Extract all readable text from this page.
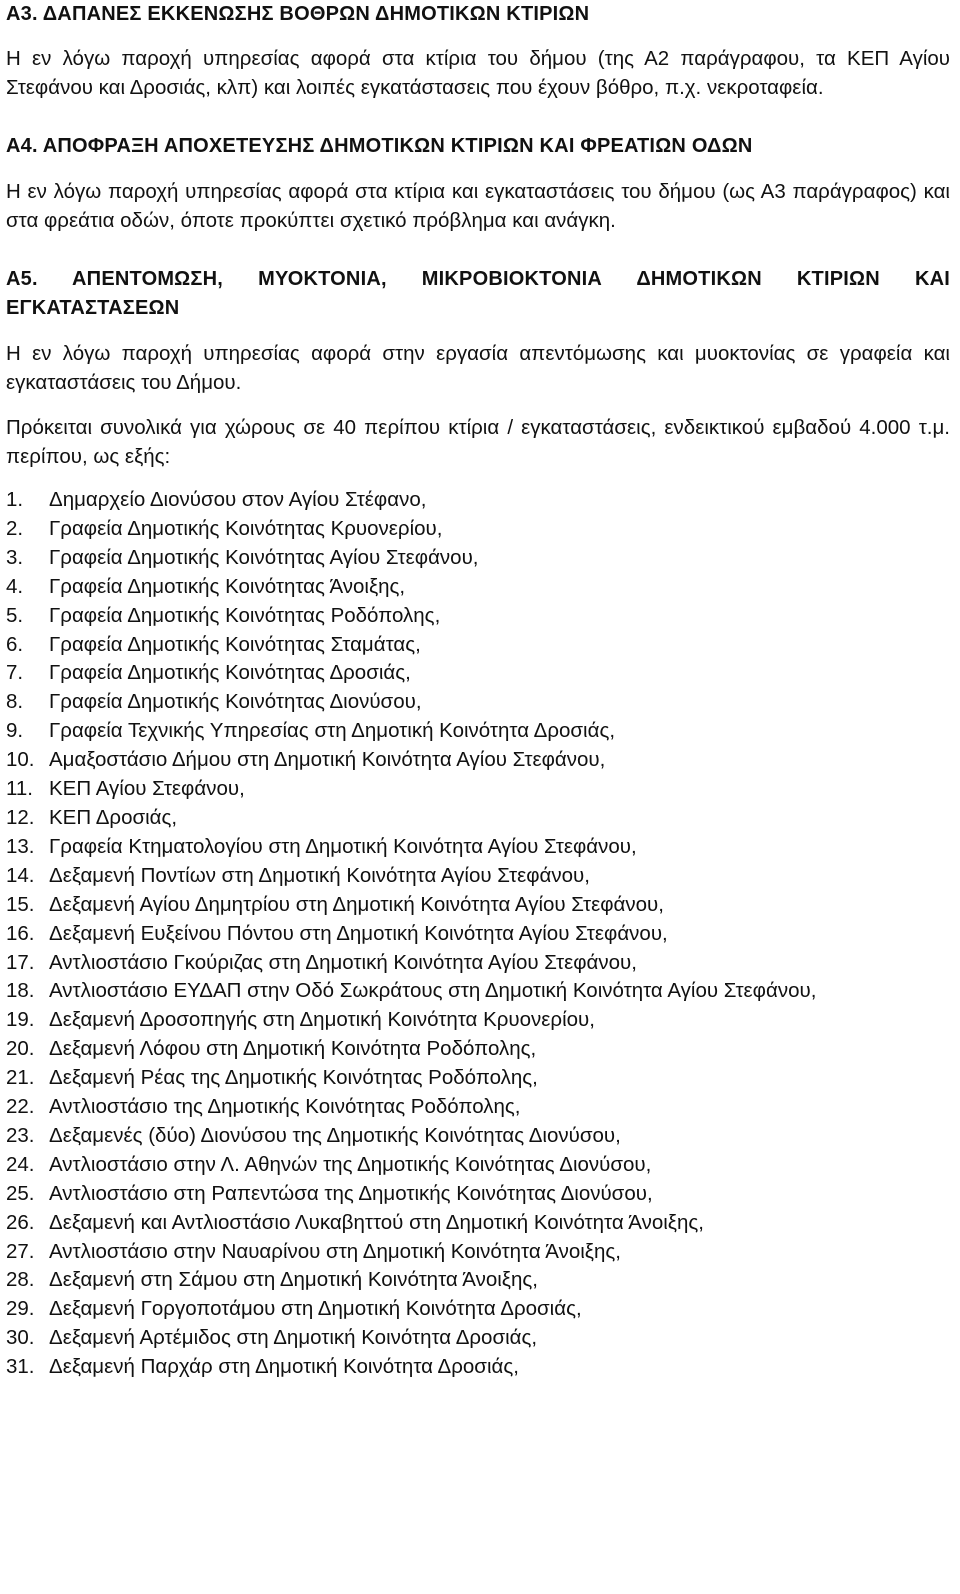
Α3. ΔΑΠΑΝΕΣ ΕΚΚΕΝΩΣΗΣ ΒΟΘΡΩΝ ΔΗΜΟΤΙΚΩΝ ΚΤΙΡΙΩΝ

Η εν λόγω παροχή υπηρεσίας αφορά στα κτίρια του δήμου (της Α2 παράγραφου, τα ΚΕΠ Αγίου Στεφάνου και Δροσιάς, κλπ) και λοιπές εγκατάστασεις που έχουν βόθρο, π.χ. νεκροταφεία.

Α4. ΑΠΟΦΡΑΞΗ ΑΠΟΧΕΤΕΥΣΗΣ ΔΗΜΟΤΙΚΩΝ ΚΤΙΡΙΩΝ ΚΑΙ ΦΡΕΑΤΙΩΝ ΟΔΩΝ

Η εν λόγω παροχή υπηρεσίας αφορά στα κτίρια και εγκαταστάσεις του δήμου (ως Α3 παράγραφος) και στα φρεάτια οδών, όποτε προκύπτει σχετικό πρόβλημα και ανάγκη.

Α5. ΑΠΕΝΤΟΜΩΣΗ, ΜΥΟΚΤΟΝΙΑ, ΜΙΚΡΟΒΙΟΚΤΟΝΙΑ ΔΗΜΟΤΙΚΩΝ ΚΤΙΡΙΩΝ ΚΑΙ ΕΓΚΑΤΑΣΤΑΣΕΩΝ

Η εν λόγω παροχή υπηρεσίας αφορά στην εργασία απεντόμωσης και μυοκτονίας σε γραφεία και εγκαταστάσεις του Δήμου.

Πρόκειται συνολικά για χώρους σε 40 περίπου κτίρια / εγκαταστάσεις, ενδεικτικού εμβαδού 4.000 τ.μ. περίπου, ως εξής:

1.	Δημαρχείο Διονύσου στον Αγίου Στέφανο,
2.	Γραφεία Δημοτικής Κοινότητας Κρυονερίου,
3.	Γραφεία Δημοτικής Κοινότητας Αγίου Στεφάνου,
4.	Γραφεία Δημοτικής Κοινότητας Άνοιξης,
5.	Γραφεία Δημοτικής Κοινότητας Ροδόπολης,
6.	Γραφεία Δημοτικής Κοινότητας Σταμάτας,
7.	Γραφεία Δημοτικής Κοινότητας Δροσιάς,
8.	Γραφεία Δημοτικής Κοινότητας Διονύσου,
9.	Γραφεία Τεχνικής Υπηρεσίας στη Δημοτική Κοινότητα Δροσιάς,
10. Αμαξοστάσιο Δήμου στη Δημοτική Κοινότητα Αγίου Στεφάνου,
11. ΚΕΠ Αγίου Στεφάνου,
12. ΚΕΠ Δροσιάς,
13. Γραφεία Κτηματολογίου στη Δημοτική Κοινότητα Αγίου Στεφάνου,
14. Δεξαμενή Ποντίων στη Δημοτική Κοινότητα Αγίου Στεφάνου,
15. Δεξαμενή Αγίου Δημητρίου στη Δημοτική Κοινότητα Αγίου Στεφάνου,
16. Δεξαμενή Ευξείνου Πόντου στη Δημοτική Κοινότητα Αγίου Στεφάνου,
17. Αντλιοστάσιο Γκούριζας στη Δημοτική Κοινότητα Αγίου Στεφάνου,
18. Αντλιοστάσιο ΕΥΔΑΠ στην Οδό Σωκράτους στη Δημοτική Κοινότητα Αγίου Στεφάνου,
19. Δεξαμενή Δροσοπηγής στη Δημοτική Κοινότητα Κρυονερίου,
20. Δεξαμενή Λόφου στη Δημοτική Κοινότητα Ροδόπολης,
21. Δεξαμενή Ρέας της Δημοτικής Κοινότητας Ροδόπολης,
22. Αντλιοστάσιο της Δημοτικής Κοινότητας Ροδόπολης,
23. Δεξαμενές (δύο) Διονύσου της Δημοτικής Κοινότητας Διονύσου,
24. Αντλιοστάσιο στην Λ. Αθηνών της Δημοτικής Κοινότητας Διονύσου,
25. Αντλιοστάσιο στη Ραπεντώσα της Δημοτικής Κοινότητας Διονύσου,
26. Δεξαμενή και Αντλιοστάσιο Λυκαβηττού στη Δημοτική Κοινότητα Άνοιξης,
27. Αντλιοστάσιο στην Ναυαρίνου στη Δημοτική Κοινότητα Άνοιξης,
28. Δεξαμενή στη Σάμου στη Δημοτική Κοινότητα Άνοιξης,
29. Δεξαμενή Γοργοποτάμου στη Δημοτική Κοινότητα Δροσιάς,
30. Δεξαμενή Αρτέμιδος στη Δημοτική Κοινότητα Δροσιάς,
31. Δεξαμενή Παρχάρ στη Δημοτική Κοινότητα Δροσιάς,
